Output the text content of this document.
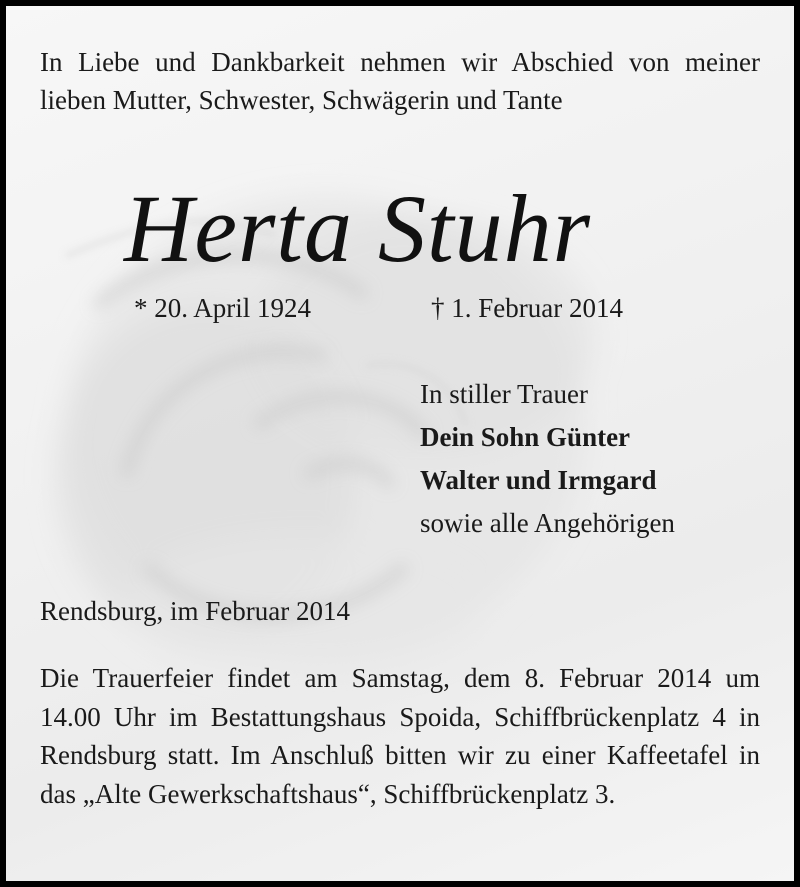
In Liebe und Dankbarkeit nehmen wir Abschied von meiner lieben Mutter, Schwester, Schwägerin und Tante

Herta Stuhr
* 20. April 1924	† 1. Februar 2014
In stiller Trauer
Dein Sohn Günter
Walter und Irmgard
sowie alle Angehörigen
Rendsburg, im Februar 2014

Die Trauerfeier findet am Samstag, dem 8. Februar 2014 um 14.00 Uhr im Bestattungshaus Spoida, Schiffbrückenplatz 4 in Rendsburg statt. Im Anschluß bitten wir zu einer Kaffeetafel in das „Alte Gewerkschaftshaus“, Schiffbrückenplatz 3.
